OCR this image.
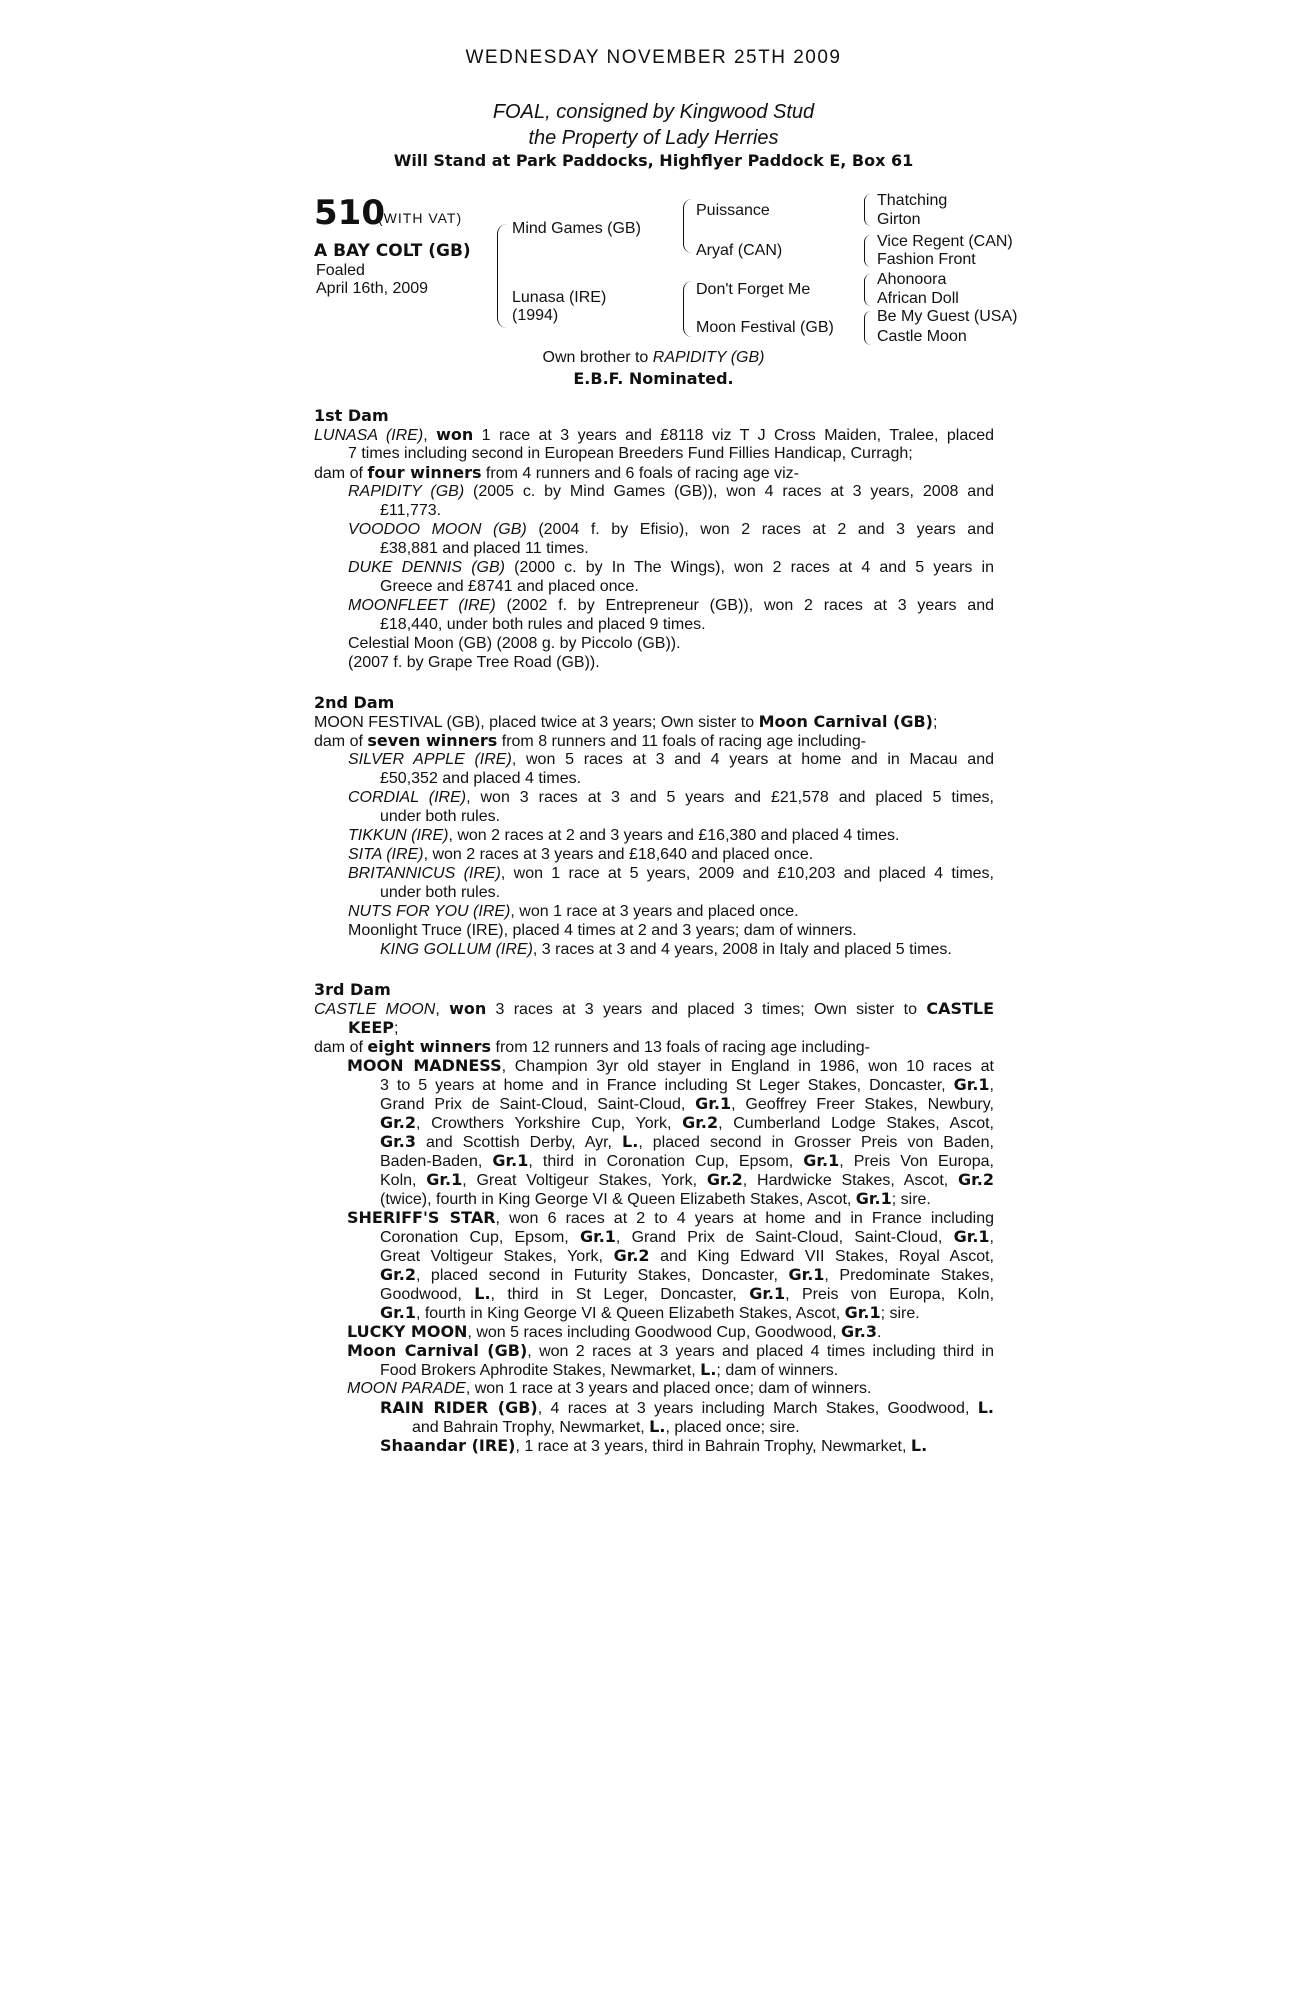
WEDNESDAY NOVEMBER 25TH 2009
FOAL, consigned by Kingwood Stud
the Property of Lady Herries
Will Stand at Park Paddocks, Highflyer Paddock E, Box 61
510
(WITH VAT)
A BAY COLT (GB)
Foaled
April 16th, 2009
Mind Games (GB)
Lunasa (IRE)
(1994)
Puissance
Aryaf (CAN)
Don't Forget Me
Moon Festival (GB)
Thatching
Girton
Vice Regent (CAN)
Fashion Front
Ahonoora
African Doll
Be My Guest (USA)
Castle Moon
Own brother to RAPIDITY (GB)
E.B.F. Nominated.
1st Dam
LUNASA (IRE), won 1 race at 3 years and £8118 viz T J Cross Maiden, Tralee, placed
7 times including second in European Breeders Fund Fillies Handicap, Curragh;
dam of four winners from 4 runners and 6 foals of racing age viz-
RAPIDITY (GB) (2005 c. by Mind Games (GB)), won 4 races at 3 years, 2008 and
£11,773.
VOODOO MOON (GB) (2004 f. by Efisio), won 2 races at 2 and 3 years and
£38,881 and placed 11 times.
DUKE DENNIS (GB) (2000 c. by In The Wings), won 2 races at 4 and 5 years in
Greece and £8741 and placed once.
MOONFLEET (IRE) (2002 f. by Entrepreneur (GB)), won 2 races at 3 years and
£18,440, under both rules and placed 9 times.
Celestial Moon (GB) (2008 g. by Piccolo (GB)).
(2007 f. by Grape Tree Road (GB)).
2nd Dam
MOON FESTIVAL (GB), placed twice at 3 years; Own sister to Moon Carnival (GB);
dam of seven winners from 8 runners and 11 foals of racing age including-
SILVER APPLE (IRE), won 5 races at 3 and 4 years at home and in Macau and
£50,352 and placed 4 times.
CORDIAL (IRE), won 3 races at 3 and 5 years and £21,578 and placed 5 times,
under both rules.
TIKKUN (IRE), won 2 races at 2 and 3 years and £16,380 and placed 4 times.
SITA (IRE), won 2 races at 3 years and £18,640 and placed once.
BRITANNICUS (IRE), won 1 race at 5 years, 2009 and £10,203 and placed 4 times,
under both rules.
NUTS FOR YOU (IRE), won 1 race at 3 years and placed once.
Moonlight Truce (IRE), placed 4 times at 2 and 3 years; dam of winners.
KING GOLLUM (IRE), 3 races at 3 and 4 years, 2008 in Italy and placed 5 times.
3rd Dam
CASTLE MOON, won 3 races at 3 years and placed 3 times; Own sister to CASTLE
KEEP;
dam of eight winners from 12 runners and 13 foals of racing age including-
MOON MADNESS, Champion 3yr old stayer in England in 1986, won 10 races at
3 to 5 years at home and in France including St Leger Stakes, Doncaster, Gr.1,
Grand Prix de Saint-Cloud, Saint-Cloud, Gr.1, Geoffrey Freer Stakes, Newbury,
Gr.2, Crowthers Yorkshire Cup, York, Gr.2, Cumberland Lodge Stakes, Ascot,
Gr.3 and Scottish Derby, Ayr, L., placed second in Grosser Preis von Baden,
Baden-Baden, Gr.1, third in Coronation Cup, Epsom, Gr.1, Preis Von Europa,
Koln, Gr.1, Great Voltigeur Stakes, York, Gr.2, Hardwicke Stakes, Ascot, Gr.2
(twice), fourth in King George VI & Queen Elizabeth Stakes, Ascot, Gr.1; sire.
SHERIFF'S STAR, won 6 races at 2 to 4 years at home and in France including
Coronation Cup, Epsom, Gr.1, Grand Prix de Saint-Cloud, Saint-Cloud, Gr.1,
Great Voltigeur Stakes, York, Gr.2 and King Edward VII Stakes, Royal Ascot,
Gr.2, placed second in Futurity Stakes, Doncaster, Gr.1, Predominate Stakes,
Goodwood, L., third in St Leger, Doncaster, Gr.1, Preis von Europa, Koln,
Gr.1, fourth in King George VI & Queen Elizabeth Stakes, Ascot, Gr.1; sire.
LUCKY MOON, won 5 races including Goodwood Cup, Goodwood, Gr.3.
Moon Carnival (GB), won 2 races at 3 years and placed 4 times including third in
Food Brokers Aphrodite Stakes, Newmarket, L.; dam of winners.
MOON PARADE, won 1 race at 3 years and placed once; dam of winners.
RAIN RIDER (GB), 4 races at 3 years including March Stakes, Goodwood, L.
and Bahrain Trophy, Newmarket, L., placed once; sire.
Shaandar (IRE), 1 race at 3 years, third in Bahrain Trophy, Newmarket, L.
